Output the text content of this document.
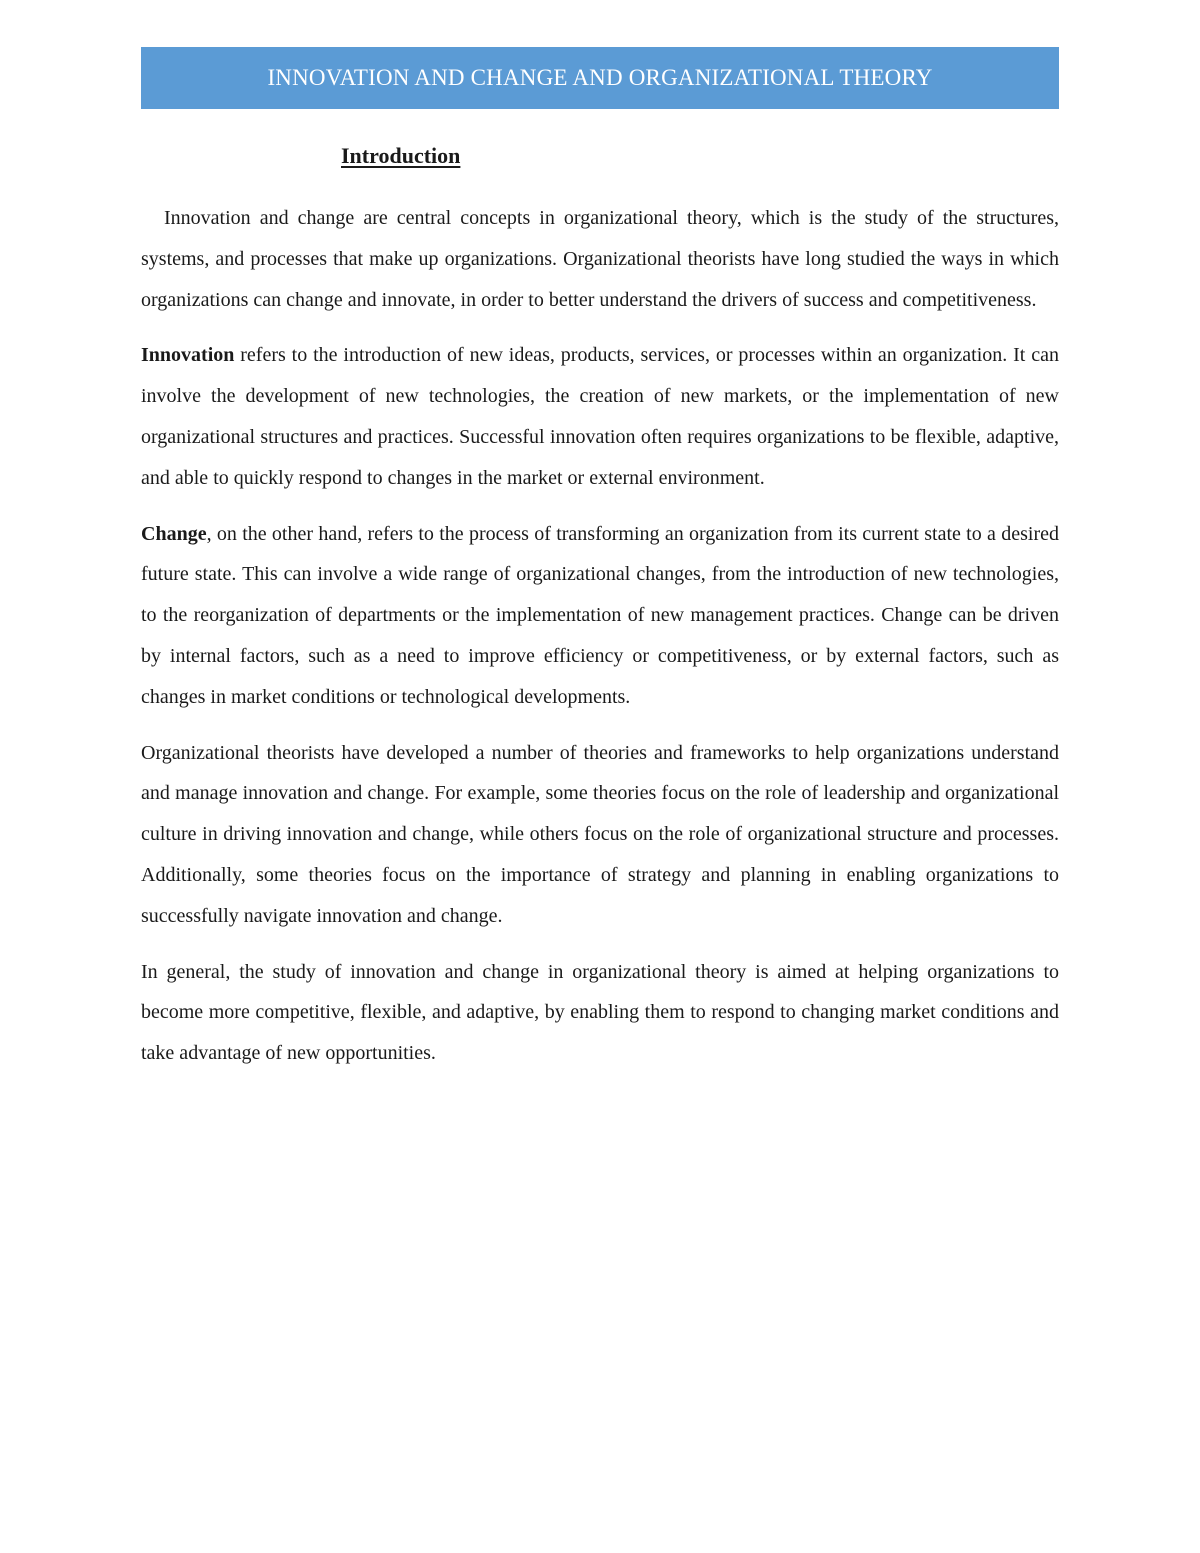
INNOVATION AND CHANGE AND ORGANIZATIONAL THEORY
Introduction

Innovation and change are central concepts in organizational theory, which is the study of the structures, systems, and processes that make up organizations. Organizational theorists have long studied the ways in which organizations can change and innovate, in order to better understand the drivers of success and competitiveness.

Innovation refers to the introduction of new ideas, products, services, or processes within an organization. It can involve the development of new technologies, the creation of new markets, or the implementation of new organizational structures and practices. Successful innovation often requires organizations to be flexible, adaptive, and able to quickly respond to changes in the market or external environment.

Change, on the other hand, refers to the process of transforming an organization from its current state to a desired future state. This can involve a wide range of organizational changes, from the introduction of new technologies, to the reorganization of departments or the implementation of new management practices. Change can be driven by internal factors, such as a need to improve efficiency or competitiveness, or by external factors, such as changes in market conditions or technological developments.

Organizational theorists have developed a number of theories and frameworks to help organizations understand and manage innovation and change. For example, some theories focus on the role of leadership and organizational culture in driving innovation and change, while others focus on the role of organizational structure and processes. Additionally, some theories focus on the importance of strategy and planning in enabling organizations to successfully navigate innovation and change.

In general, the study of innovation and change in organizational theory is aimed at helping organizations to become more competitive, flexible, and adaptive, by enabling them to respond to changing market conditions and take advantage of new opportunities.
